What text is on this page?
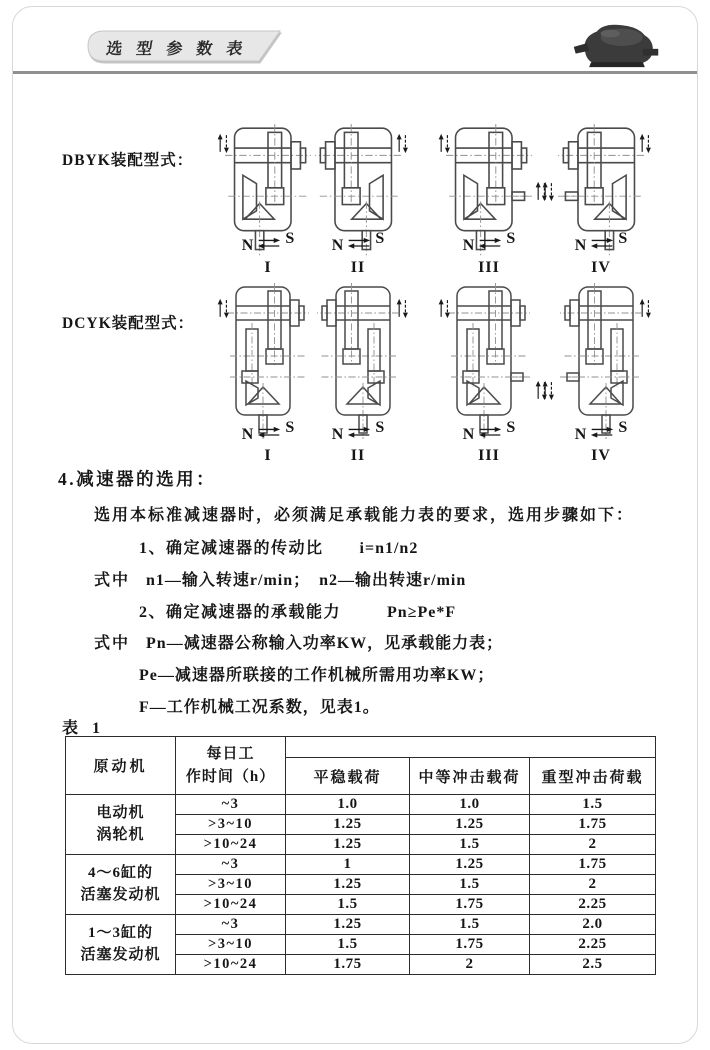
选 型 参 数 表
DBYK装配型式：
N S
I
N S
II
N S
III
N S
IV
DCYK装配型式：
N S
I
N S
II
N S
III
N S
IV
4.减速器的选用：
选用本标准减速器时，必须满足承载能力表的要求，选用步骤如下：
1、确定减速器的传动比 i=n1/n2
式中 n1—输入转速r/min；　n2—输出转速r/min
2、确定减速器的承载能力	Pn≥Pe*F
式中 Pn—减速器公称输入功率KW，见承载能力表；
Pe—减速器所联接的工作机械所需用功率KW；
F—工作机械工况系数，见表1。
表 1
原动机	每日工
作时间（h）			
		平稳载荷	中等冲击载荷	重型冲击荷载
电动机
涡轮机	~3	1.0	1.0	1.5
	>3~10	1.25	1.25	1.75
	>10~24	1.25	1.5	2
4～6缸的
活塞发动机	~3	1	1.25	1.75
	>3~10	1.25	1.5	2
	>10~24	1.5	1.75	2.25
1～3缸的
活塞发动机	~3	1.25	1.5	2.0
	>3~10	1.5	1.75	2.25
	>10~24	1.75	2	2.5
